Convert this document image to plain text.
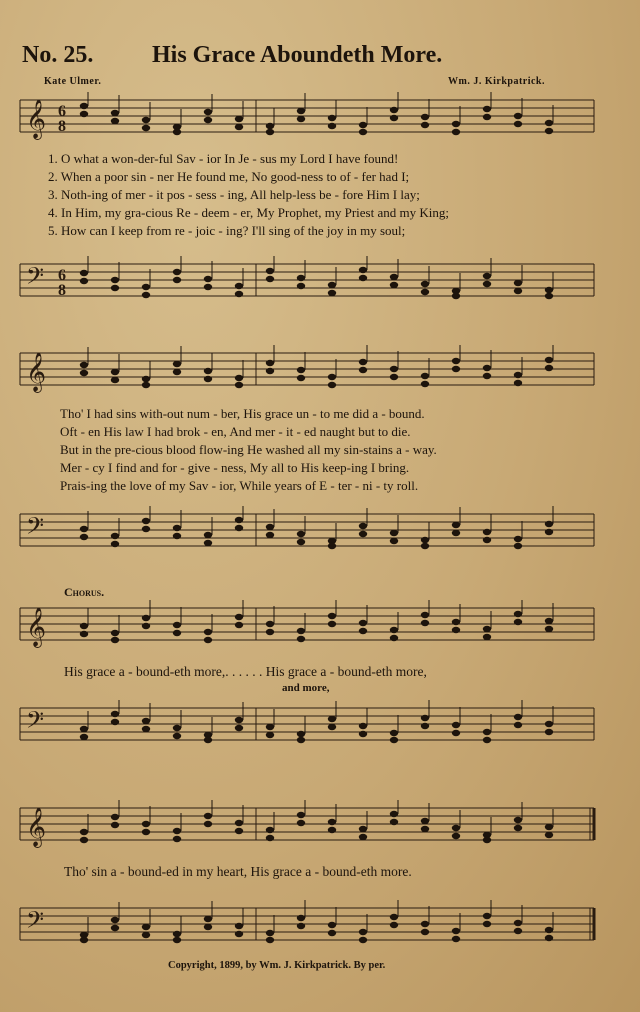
No. 25. His Grace Aboundeth More.
Kate Ulmer.	Wm. J. Kirkpatrick.
𝄞 6
8
1. O what a won-der-ful Sav - ior In Je - sus my Lord I have found!
2. When a poor sin - ner He found me, No good-ness to of - fer had I;
3. Noth-ing of mer - it pos - sess - ing, All help-less be - fore Him I lay;
4. In Him, my gra-cious Re - deem - er, My Prophet, my Priest and my King;
5. How can I keep from re - joic - ing? I'll sing of the joy in my soul;
𝄢 6
8
𝄞
Tho' I had sins with-out num - ber, His grace un - to me did a - bound.
Oft - en His law I had brok - en, And mer - it - ed naught but to die.
But in the pre-cious blood flow-ing He washed all my sin-stains a - way.
Mer - cy I find and for - give - ness, My all to His keep-ing I bring.
Prais-ing the love of my Sav - ior, While years of E - ter - ni - ty roll.
𝄢
Chorus.
𝄞
His grace a - bound-eth more,. . . . . . His grace a - bound-eth more,
and more,
𝄢
𝄞
Tho' sin a - bound-ed in my heart, His grace a - bound-eth more.
𝄢
Copyright, 1899, by Wm. J. Kirkpatrick. By per.
